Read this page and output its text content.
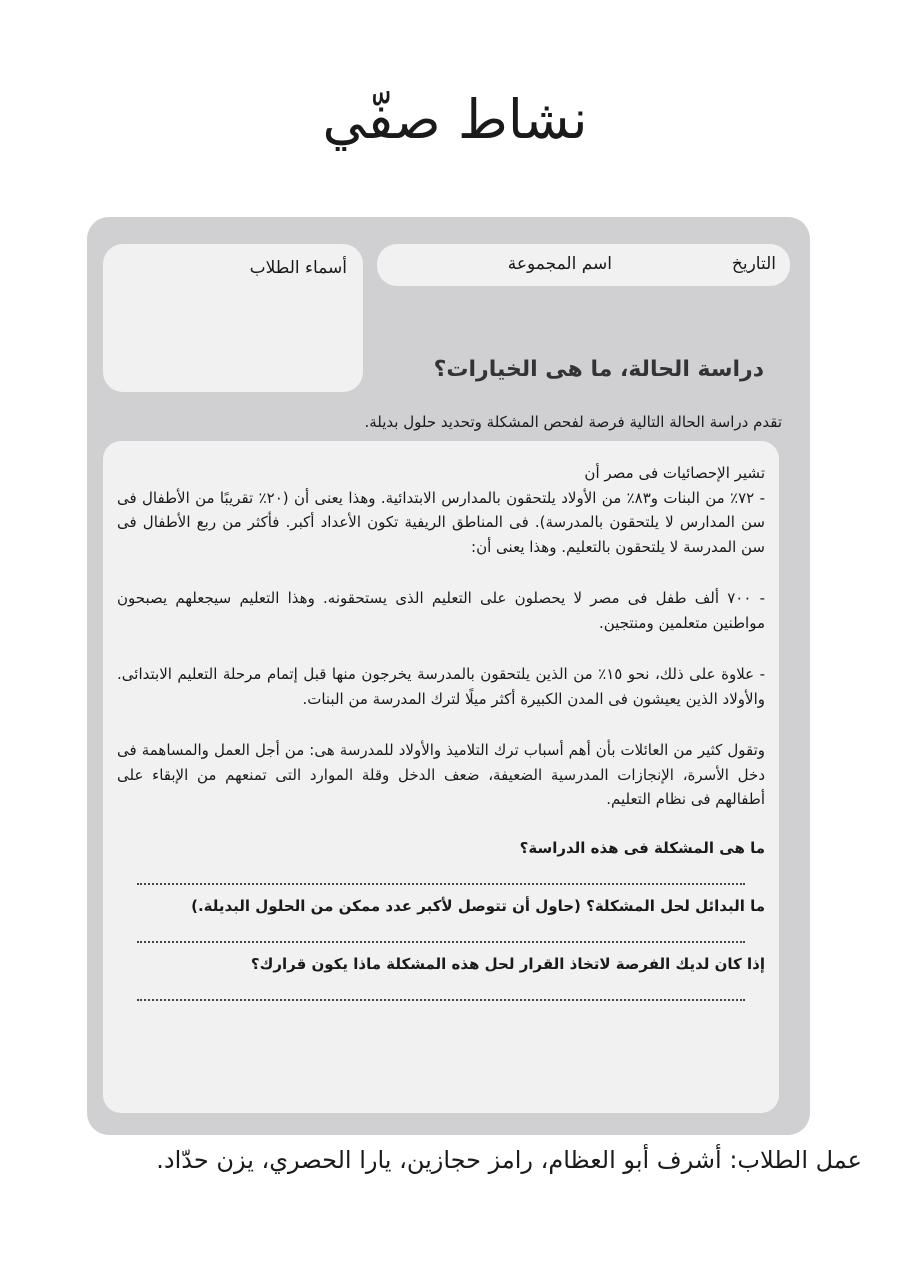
نشاط صفّي
التاريخ
اسم المجموعة
أسماء الطلاب
دراسة الحالة، ما هى الخيارات؟
تقدم دراسة الحالة التالية فرصة لفحص المشكلة وتحديد حلول بديلة.

تشير الإحصائيات فى مصر أن

- ٧٢٪ من البنات و٨٣٪ من الأولاد يلتحقون بالمدارس الابتدائية. وهذا يعنى أن (٢٠٪ تقريبًا من الأطفال فى سن المدارس لا يلتحقون بالمدرسة). فى المناطق الريفية تكون الأعداد أكبر. فأكثر من ربع الأطفال فى سن المدرسة لا يلتحقون بالتعليم. وهذا يعنى أن:

- ٧٠٠ ألف طفل فى مصر لا يحصلون على التعليم الذى يستحقونه. وهذا التعليم سيجعلهم يصبحون مواطنين متعلمين ومنتجين.

- علاوة على ذلك، نحو ١٥٪ من الذين يلتحقون بالمدرسة يخرجون منها قبل إتمام مرحلة التعليم الابتدائى. والأولاد الذين يعيشون فى المدن الكبيرة أكثر ميلًا لترك المدرسة من البنات.

وتقول كثير من العائلات بأن أهم أسباب ترك التلاميذ والأولاد للمدرسة هى: من أجل العمل والمساهمة فى دخل الأسرة، الإنجازات المدرسية الضعيفة، ضعف الدخل وقلة الموارد التى تمنعهم من الإبقاء على أطفالهم فى نظام التعليم.

ما هى المشكلة فى هذه الدراسة؟

ما البدائل لحل المشكلة؟ (حاول أن تتوصل لأكبر عدد ممكن من الحلول البديلة.)

إذا كان لديك الفرصة لاتخاذ القرار لحل هذه المشكلة ماذا يكون قرارك؟

عمل الطلاب: أشرف أبو العظام، رامز حجازين، يارا الحصري، يزن حدّاد.
